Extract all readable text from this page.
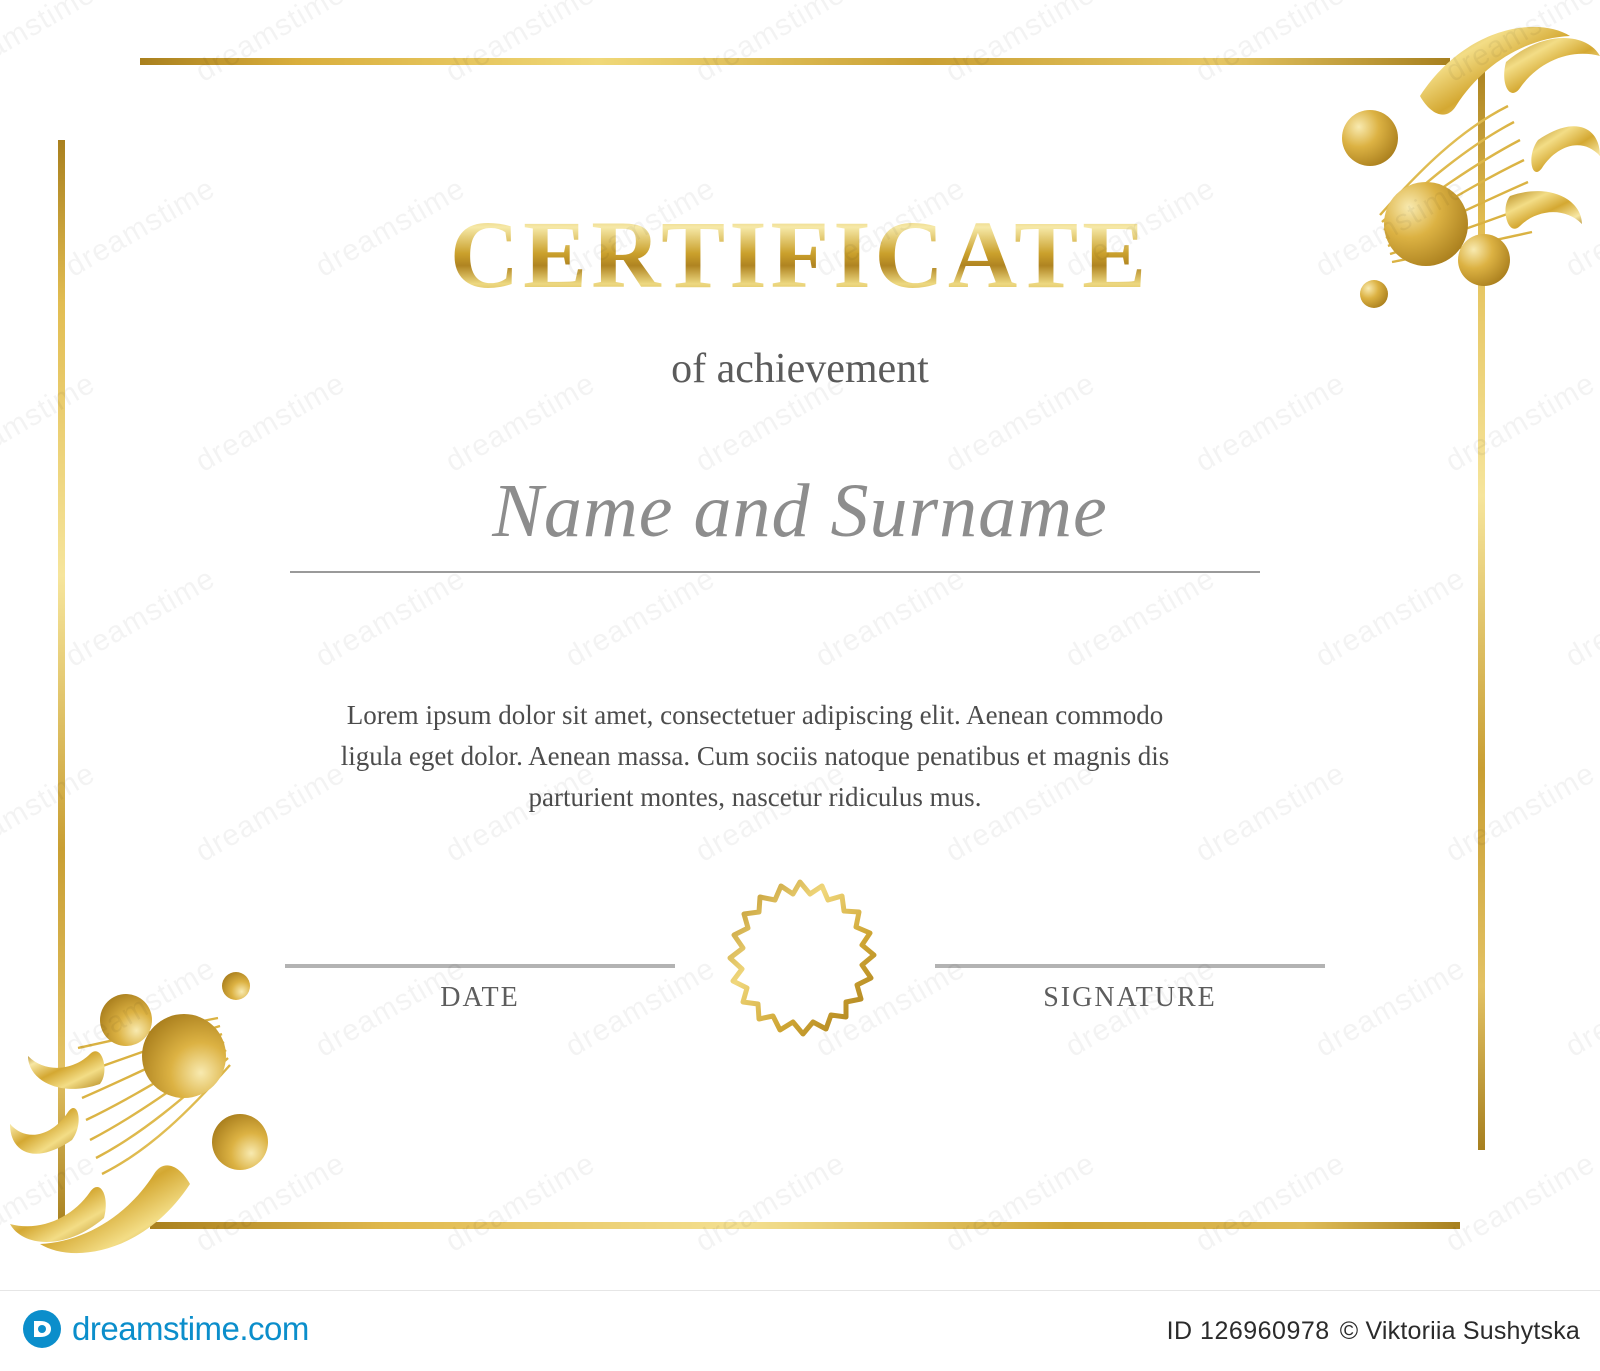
CERTIFICATE
of achievement
Name and Surname
Lorem ipsum dolor sit amet, consectetuer adipiscing elit. Aenean commodo ligula eget dolor. Aenean massa. Cum sociis natoque penatibus et magnis dis parturient montes, nascetur ridiculus mus.
DATE	SIGNATURE
dreamstime.com	ID 126960978 © Viktoriia Sushytska
